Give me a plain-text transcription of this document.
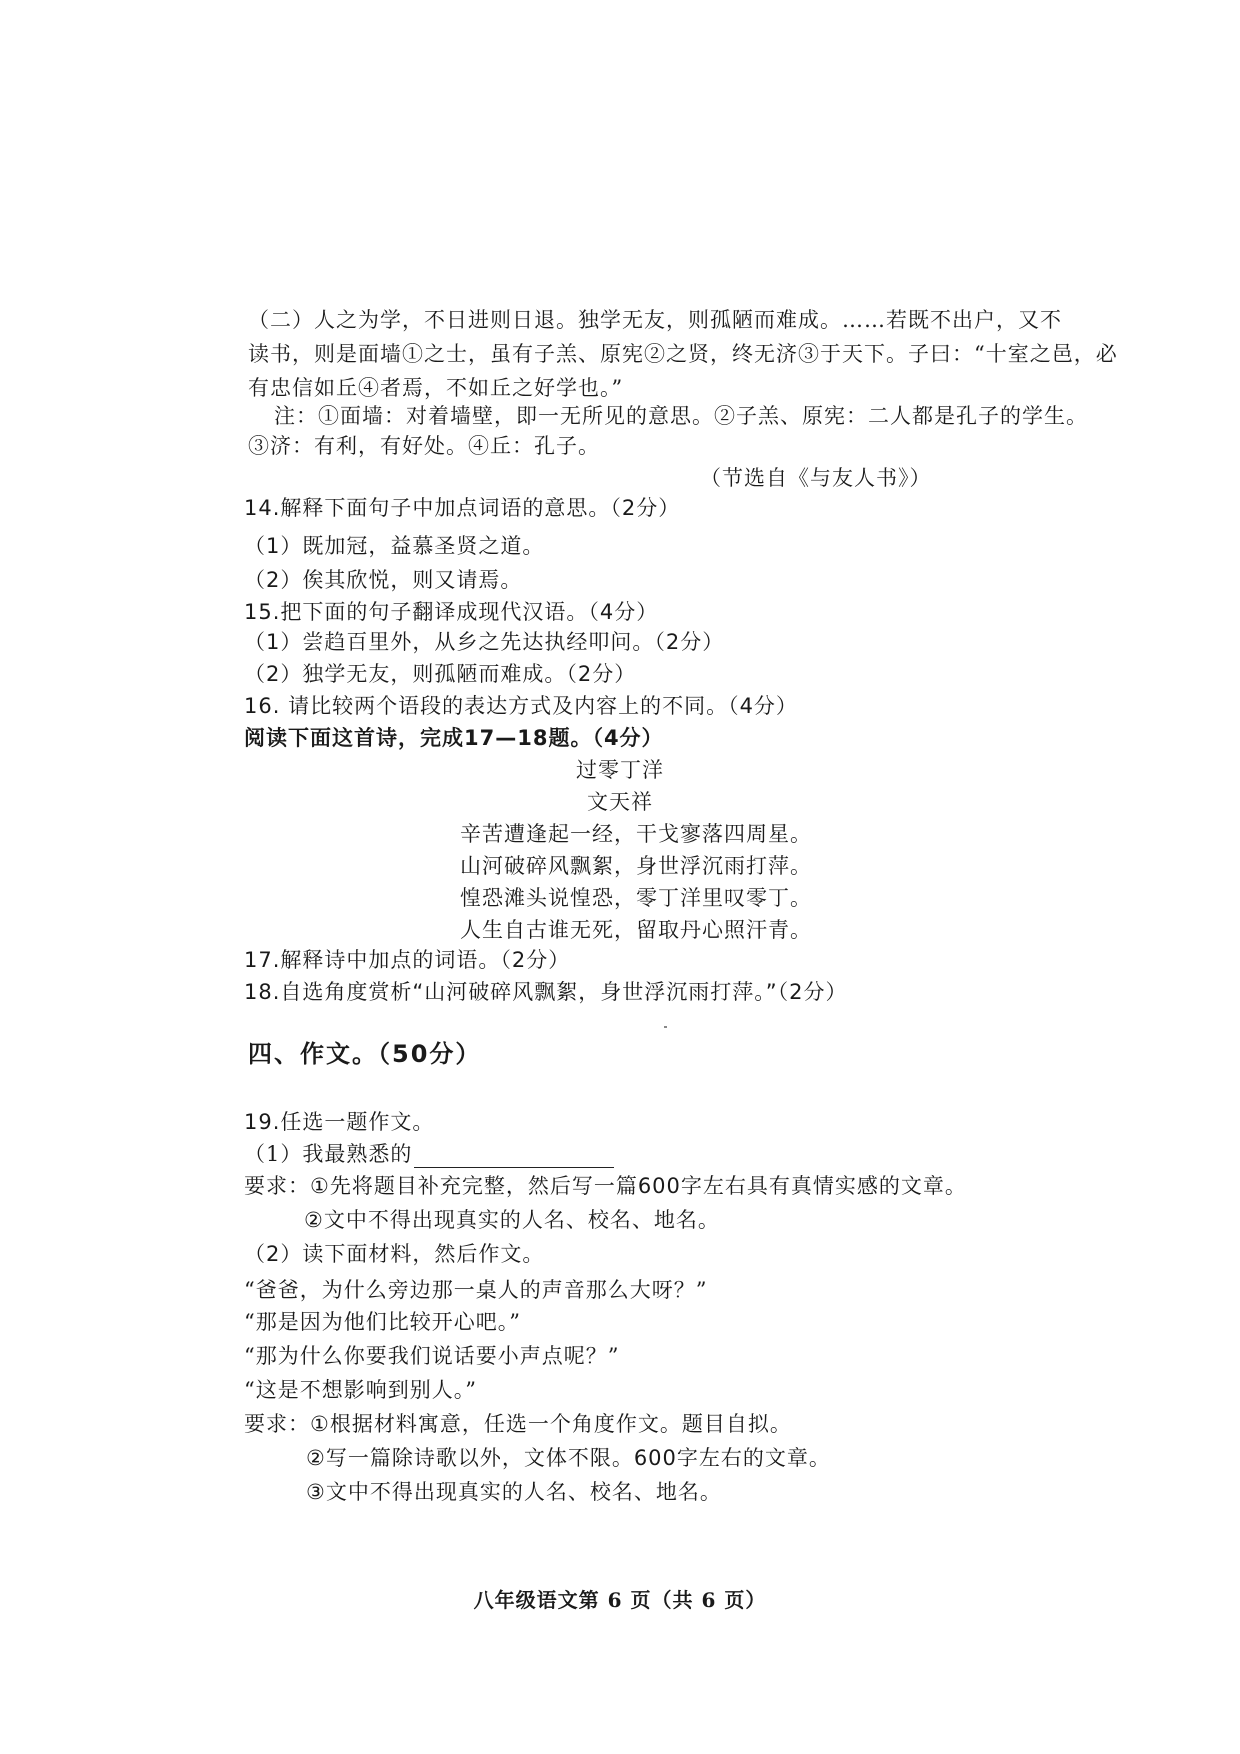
（二）人之为学，不日进则日退。独学无友，则孤陋而难成。……若既不出户，又不
读书，则是面墙①之士，虽有子羔、原宪②之贤，终无济③于天下。子曰：“十室之邑，必
有忠信如丘④者焉，不如丘之好学也。”
注：①面墙：对着墙壁，即一无所见的意思。②子羔、原宪：二人都是孔子的学生。
③济：有利，有好处。④丘：孔子。
（节选自《与友人书》）
14.解释下面句子中加点词语的意思。（2分）
（1）既加冠，益慕圣贤之道。
（2）俟其欣悦，则又请焉。
15.把下面的句子翻译成现代汉语。（4分）
（1）尝趋百里外，从乡之先达执经叩问。（2分）
（2）独学无友，则孤陋而难成。（2分）
16. 请比较两个语段的表达方式及内容上的不同。（4分）
阅读下面这首诗，完成17—18题。（4分）
过零丁洋
文天祥
辛苦遭逢起一经，干戈寥落四周星。
山河破碎风飘絮，身世浮沉雨打萍。
惶恐滩头说惶恐，零丁洋里叹零丁。
人生自古谁无死，留取丹心照汗青。
17.解释诗中加点的词语。（2分）
18.自选角度赏析“山河破碎风飘絮，身世浮沉雨打萍。”（2分）
四、作文。（50分）
19.任选一题作文。
（1）我最熟悉的
要求：①先将题目补充完整，然后写一篇600字左右具有真情实感的文章。
②文中不得出现真实的人名、校名、地名。
（2）读下面材料，然后作文。
“爸爸，为什么旁边那一桌人的声音那么大呀？”
“那是因为他们比较开心吧。”
“那为什么你要我们说话要小声点呢？”
“这是不想影响到别人。”
要求：①根据材料寓意，任选一个角度作文。题目自拟。
②写一篇除诗歌以外，文体不限。600字左右的文章。
③文中不得出现真实的人名、校名、地名。
八年级语文第 6 页（共 6 页）
